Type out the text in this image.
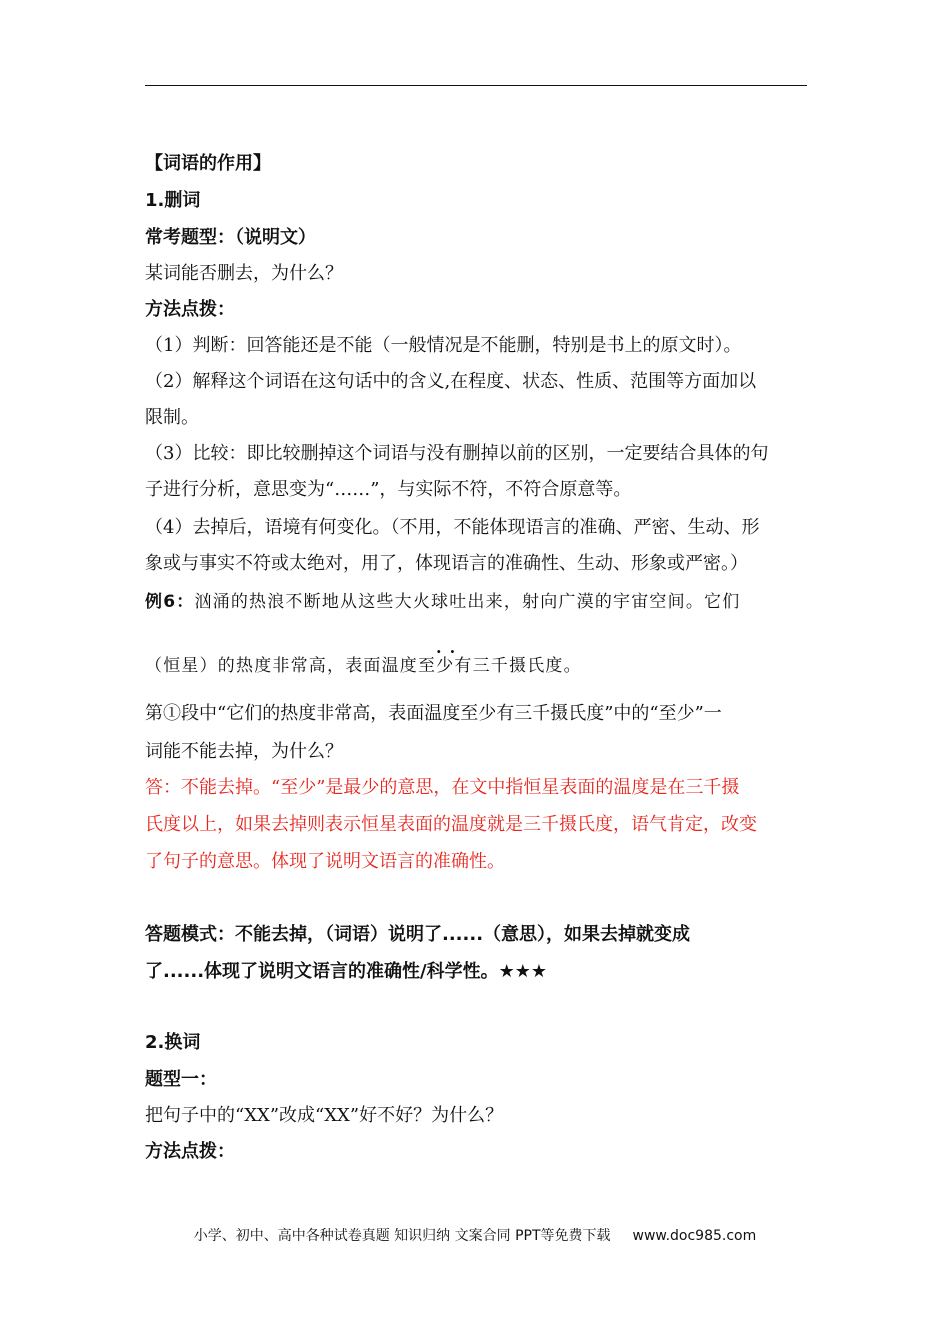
【词语的作用】
1.删词
常考题型：（说明文）
某词能否删去，为什么？
方法点拨：
（1）判断：回答能还是不能（一般情况是不能删，特别是书上的原文时）。
（2）解释这个词语在这句话中的含义,在程度、状态、性质、范围等方面加以
限制。
（3）比较：即比较删掉这个词语与没有删掉以前的区别，一定要结合具体的句
子进行分析，意思变为“……”，与实际不符，不符合原意等。
（4）去掉后，语境有何变化。（不用，不能体现语言的准确、严密、生动、形
象或与事实不符或太绝对，用了，体现语言的准确性、生动、形象或严密。）
例6：汹涌的热浪不断地从这些大火球吐出来，射向广漠的宇宙空间。它们
··
（恒星）的热度非常高，表面温度至少有三千摄氏度。
第①段中“它们的热度非常高，表面温度至少有三千摄氏度”中的“至少”一
词能不能去掉，为什么？
答：不能去掉。“至少”是最少的意思，在文中指恒星表面的温度是在三千摄
氏度以上，如果去掉则表示恒星表面的温度就是三千摄氏度，语气肯定，改变
了句子的意思。体现了说明文语言的准确性。
答题模式：不能去掉，（词语）说明了......（意思），如果去掉就变成
了......体现了说明文语言的准确性/科学性。★★★
2.换词
题型一：
把句子中的“XX”改成“XX”好不好？为什么？
方法点拨：
小学、初中、高中各种试卷真题 知识归纳 文案合同 PPT等免费下载 www.doc985.com
